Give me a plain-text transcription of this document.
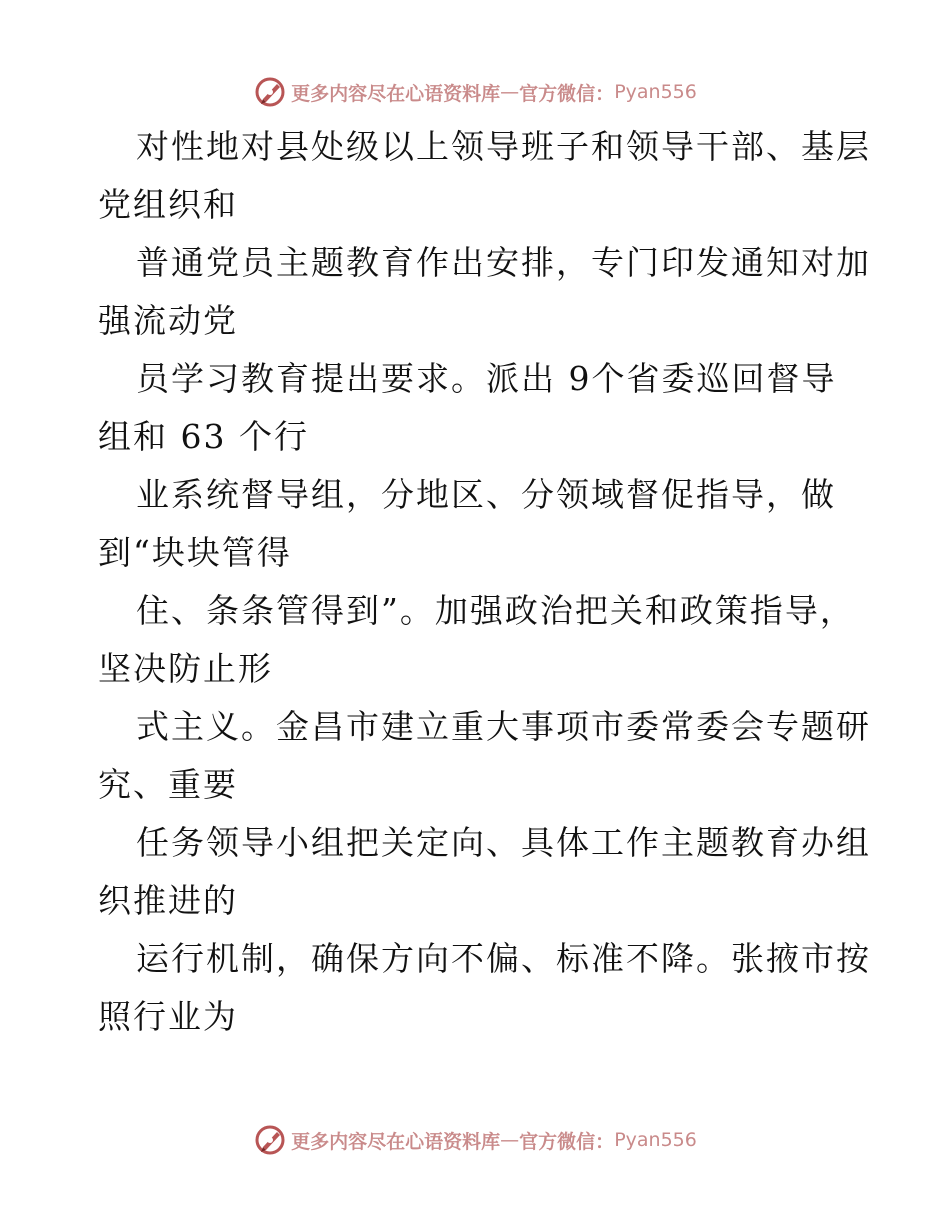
更多内容尽在心语资料库 — 官方微信： Pyan556
对性地对县处级以上领导班子和领导干部、基层
党组织和
普通党员主题教育作出安排，专门印发通知对加
强流动党
员学习教育提出要求。派出 9个省委巡回督导
组和 63 个行
业系统督导组，分地区、分领域督促指导，做
到“块块管得
住、条条管得到”。加强政治把关和政策指导，
坚决防止形
式主义。金昌市建立重大事项市委常委会专题研
究、重要
任务领导小组把关定向、具体工作主题教育办组
织推进的
运行机制，确保方向不偏、标准不降。张掖市按
照行业为
更多内容尽在心语资料库 — 官方微信： Pyan556
